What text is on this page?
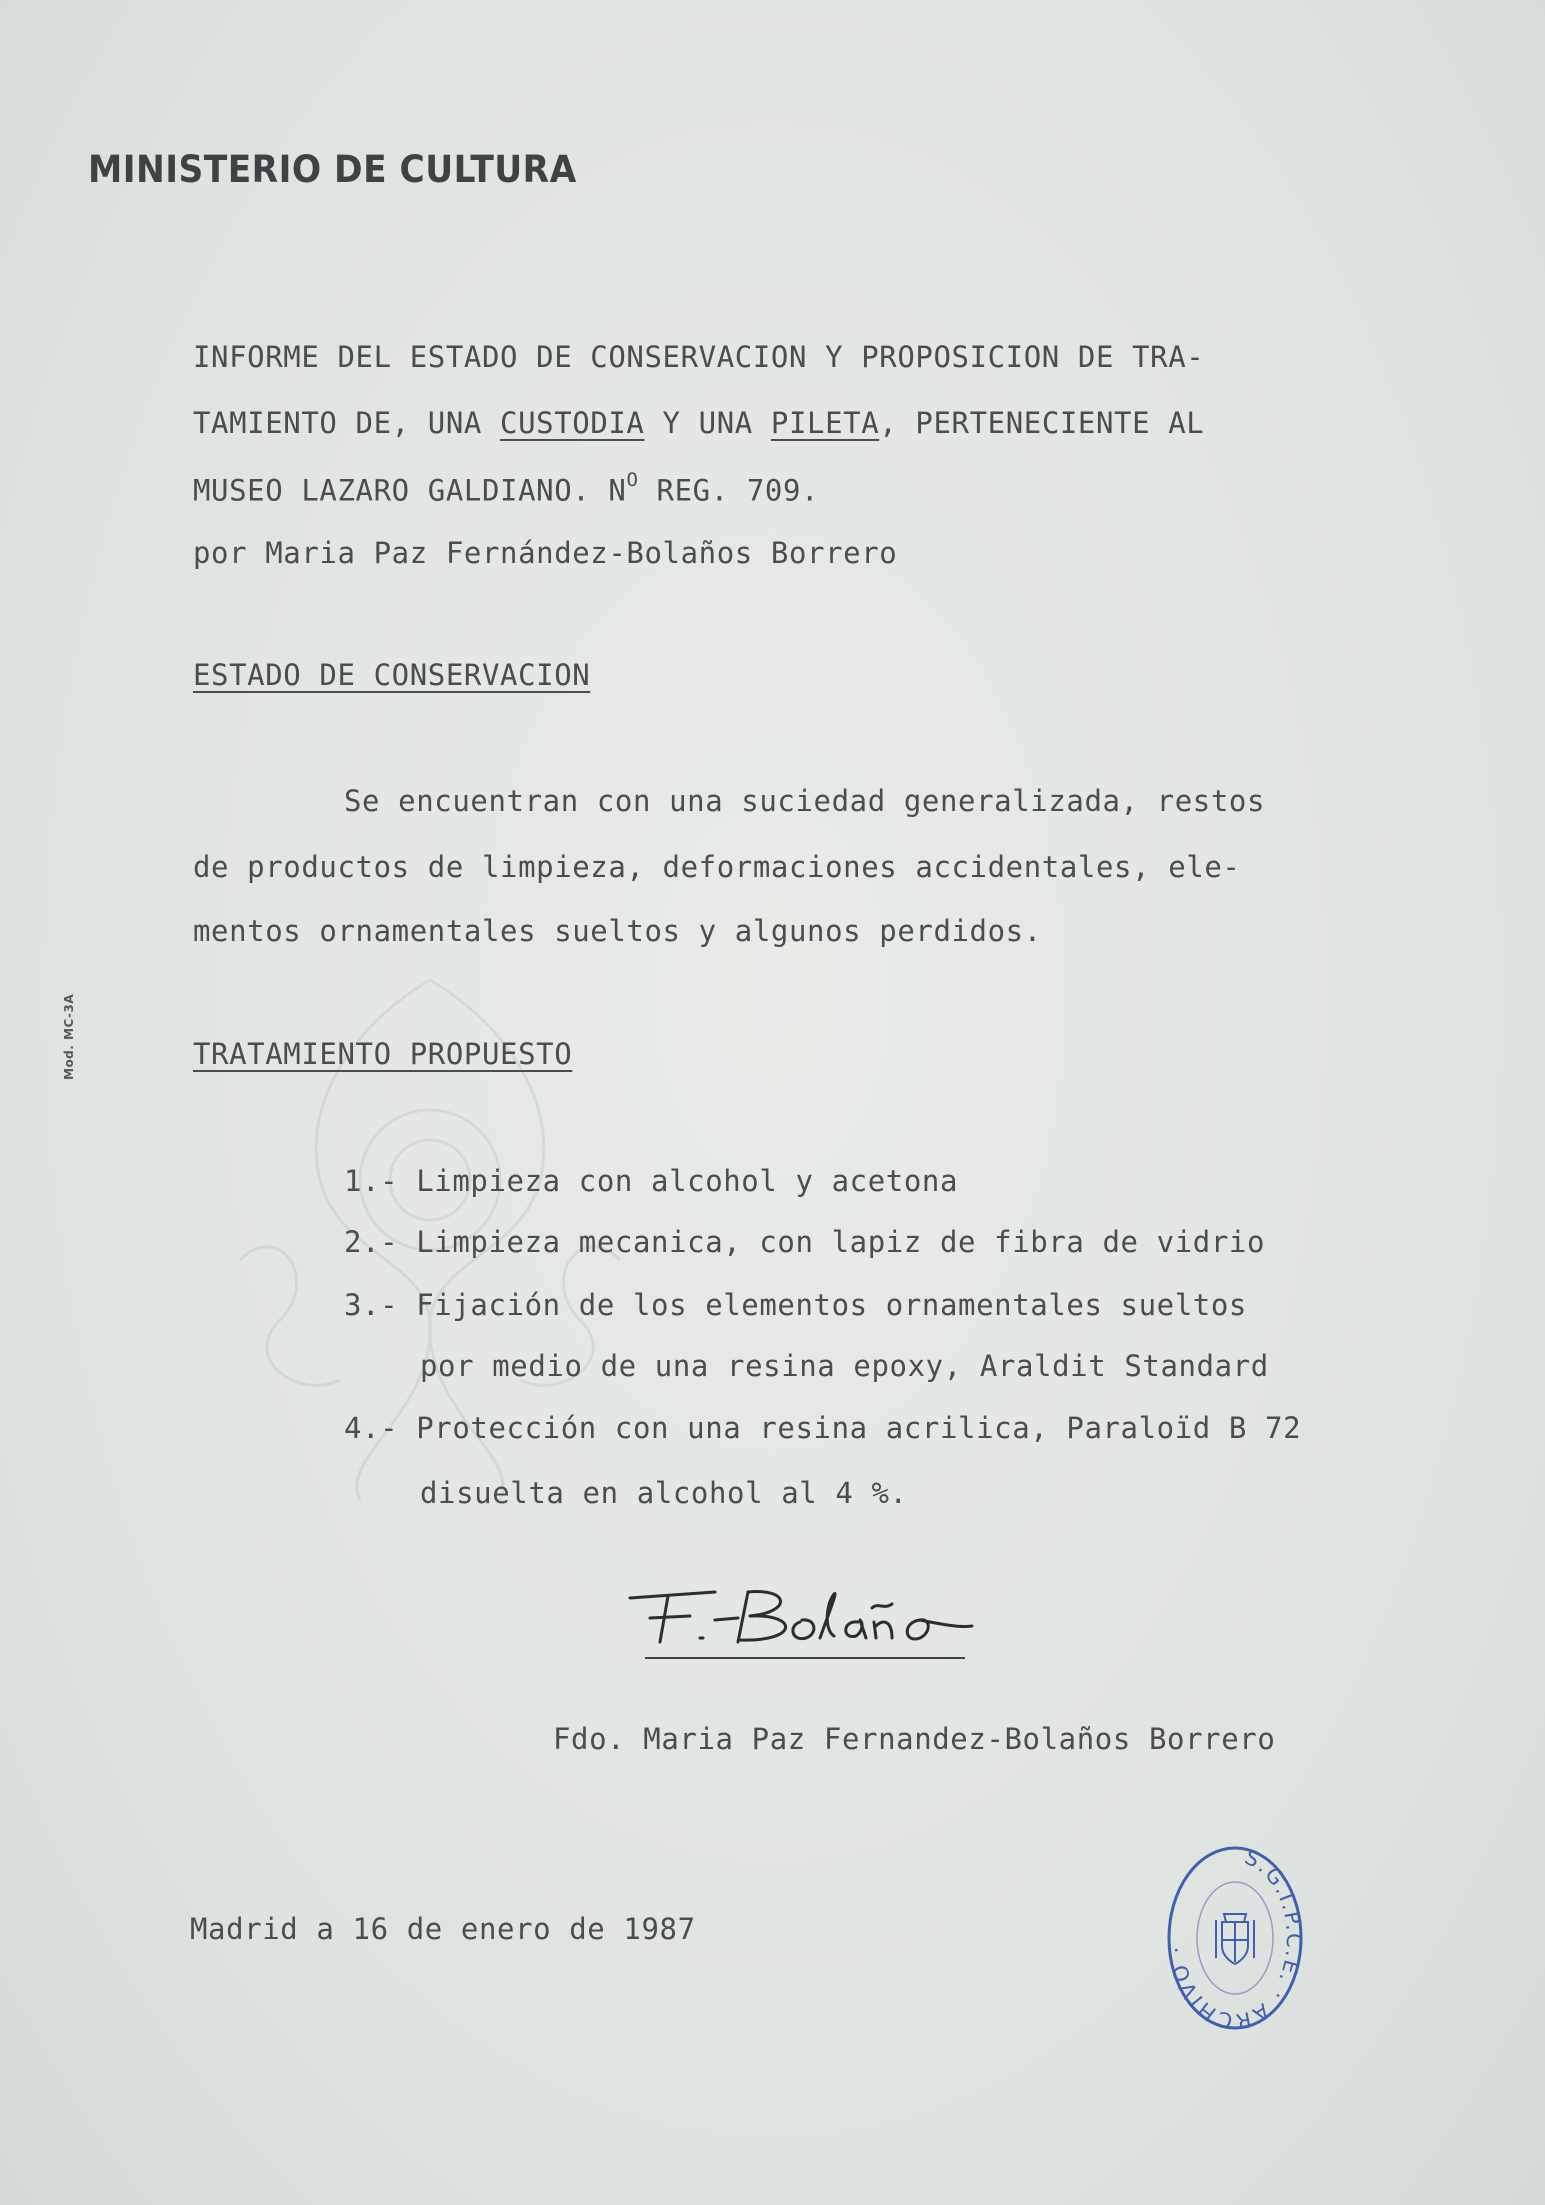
MINISTERIO DE CULTURA
Mod. MC-3A
INFORME DEL ESTADO DE CONSERVACION Y PROPOSICION DE TRA-
TAMIENTO DE, UNA CUSTODIA Y UNA PILETA, PERTENECIENTE AL
MUSEO LAZARO GALDIANO. $N^O$ REG. 709.
por Maria Paz Fernández-Bolaños Borrero
ESTADO DE CONSERVACION
Se encuentran con una suciedad generalizada, restos
de productos de limpieza, deformaciones accidentales, ele-
mentos ornamentales sueltos y algunos perdidos.
TRATAMIENTO PROPUESTO
1.- Limpieza con alcohol y acetona
2.- Limpieza mecanica, con lapiz de fibra de vidrio
3.- Fijación de los elementos ornamentales sueltos
por medio de una resina epoxy, Araldit Standard
4.- Protección con una resina acrilica, Paraloïd B 72
disuelta en alcohol al 4 %.
Fdo. Maria Paz Fernandez-Bolaños Borrero
Madrid a 16 de enero de 1987
S.G.I.P.C.E. · ARCHIVO ·
